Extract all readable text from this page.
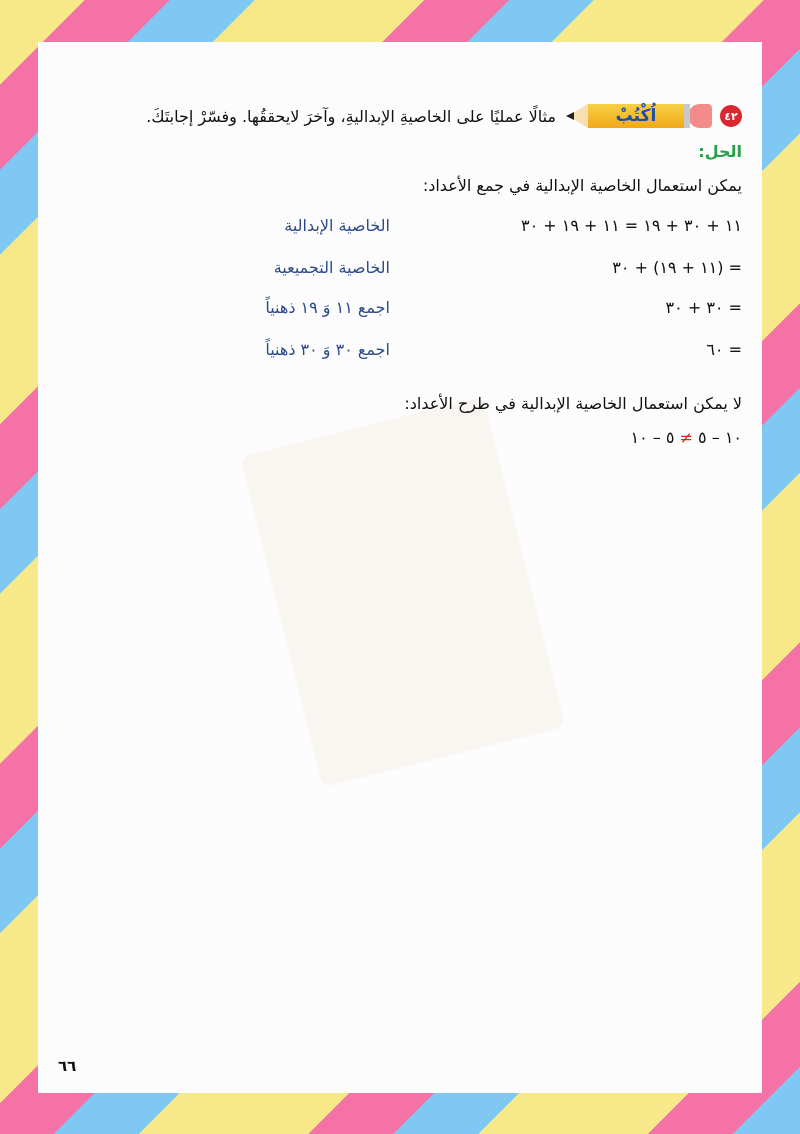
٤٢
اُكْتُبْ
مثالًا عمليًا على الخاصيةِ الإبداليةِ، وآخرَ لايحققُها. وفسّرْ إجابتَكَ.
الحل:
يمكن استعمال الخاصية الإبدالية في جمع الأعداد:
١١ + ٣٠ + ١٩ = ١١ + ١٩ + ٣٠
الخاصية الإبدالية
= (١١ + ١٩) + ٣٠
الخاصية التجميعية
= ٣٠ + ٣٠
اجمع ١١ وَ ١٩ ذهنياً
= ٦٠
اجمع ٣٠ وَ ٣٠ ذهنياً
لا يمكن استعمال الخاصية الإبدالية في طرح الأعداد:
١٠ – ٥ ≠ ٥ – ١٠
٦٦
